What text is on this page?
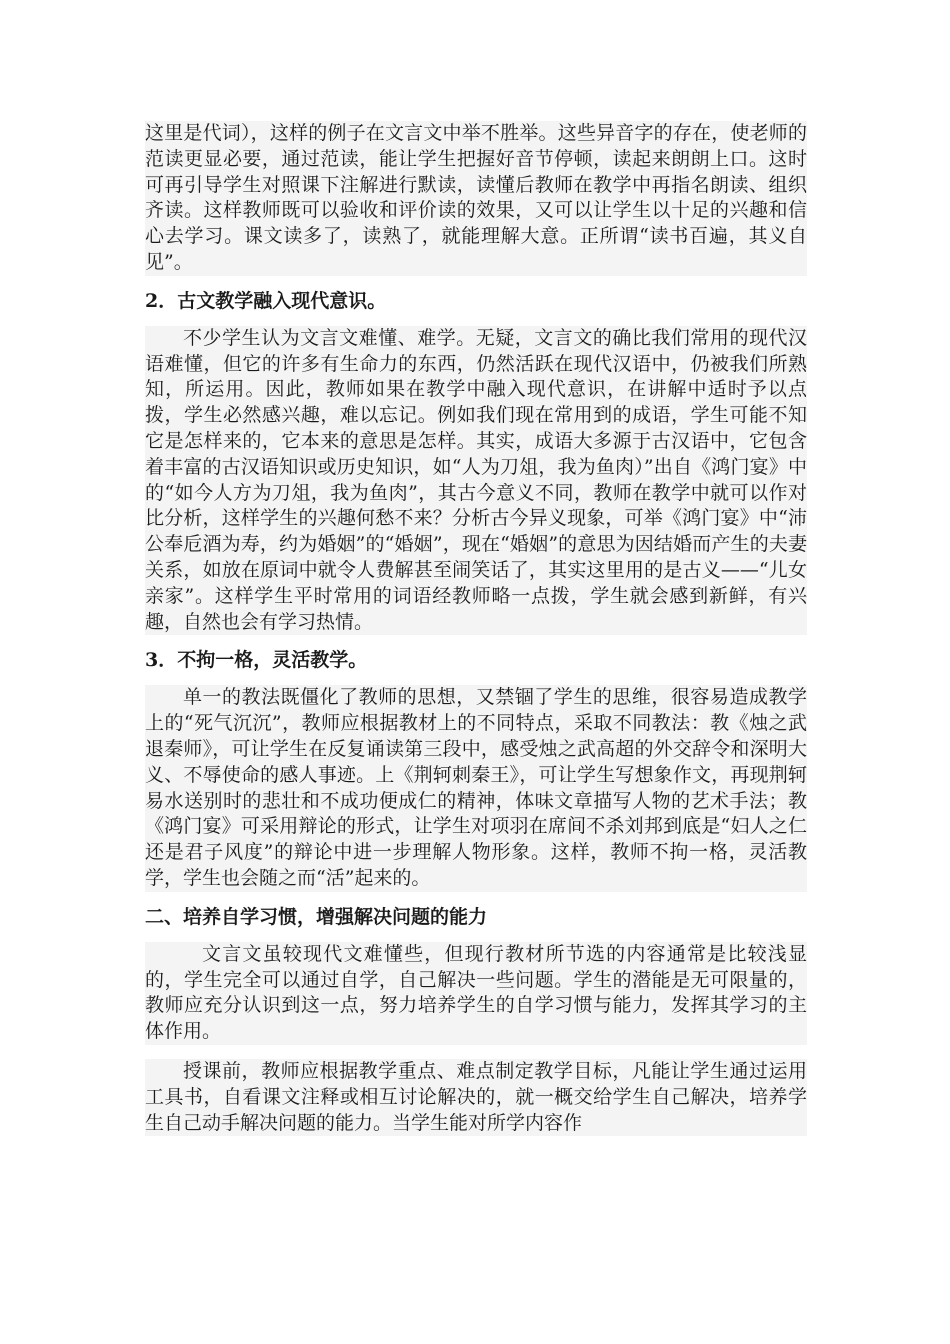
这里是代词），这样的例子在文言文中举不胜举。这些异音字的存在，使老师的范读更显必要，通过范读，能让学生把握好音节停顿，读起来朗朗上口。这时可再引导学生对照课下注解进行默读，读懂后教师在教学中再指名朗读、组织齐读。这样教师既可以验收和评价读的效果，又可以让学生以十足的兴趣和信心去学习。课文读多了，读熟了，就能理解大意。正所谓“读书百遍，其义自见”。

2．古文教学融入现代意识。

不少学生认为文言文难懂、难学。无疑，文言文的确比我们常用的现代汉语难懂，但它的许多有生命力的东西，仍然活跃在现代汉语中，仍被我们所熟知，所运用。因此，教师如果在教学中融入现代意识，在讲解中适时予以点拨，学生必然感兴趣，难以忘记。例如我们现在常用到的成语，学生可能不知它是怎样来的，它本来的意思是怎样。其实，成语大多源于古汉语中，它包含着丰富的古汉语知识或历史知识，如“人为刀俎，我为鱼肉）”出自《鸿门宴》中的“如今人方为刀俎，我为鱼肉”，其古今意义不同，教师在教学中就可以作对比分析，这样学生的兴趣何愁不来？分析古今异义现象，可举《鸿门宴》中“沛公奉卮酒为寿，约为婚姻”的“婚姻”，现在“婚姻”的意思为因结婚而产生的夫妻关系，如放在原词中就令人费解甚至闹笑话了，其实这里用的是古义——“儿女亲家”。这样学生平时常用的词语经教师略一点拨，学生就会感到新鲜，有兴趣，自然也会有学习热情。

3．不拘一格，灵活教学。

单一的教法既僵化了教师的思想，又禁锢了学生的思维，很容易造成教学上的“死气沉沉”，教师应根据教材上的不同特点，采取不同教法：教《烛之武退秦师》，可让学生在反复诵读第三段中，感受烛之武高超的外交辞令和深明大义、不辱使命的感人事迹。上《荆轲刺秦王》，可让学生写想象作文，再现荆轲易水送别时的悲壮和不成功便成仁的精神，体味文章描写人物的艺术手法；教《鸿门宴》可采用辩论的形式，让学生对项羽在席间不杀刘邦到底是“妇人之仁还是君子风度”的辩论中进一步理解人物形象。这样，教师不拘一格，灵活教学，学生也会随之而“活”起来的。

二、培养自学习惯，增强解决问题的能力

文言文虽较现代文难懂些，但现行教材所节选的内容通常是比较浅显的，学生完全可以通过自学，自己解决一些问题。学生的潜能是无可限量的，教师应充分认识到这一点，努力培养学生的自学习惯与能力，发挥其学习的主体作用。

授课前，教师应根据教学重点、难点制定教学目标，凡能让学生通过运用工具书，自看课文注释或相互讨论解决的，就一概交给学生自己解决，培养学生自己动手解决问题的能力。当学生能对所学内容作
